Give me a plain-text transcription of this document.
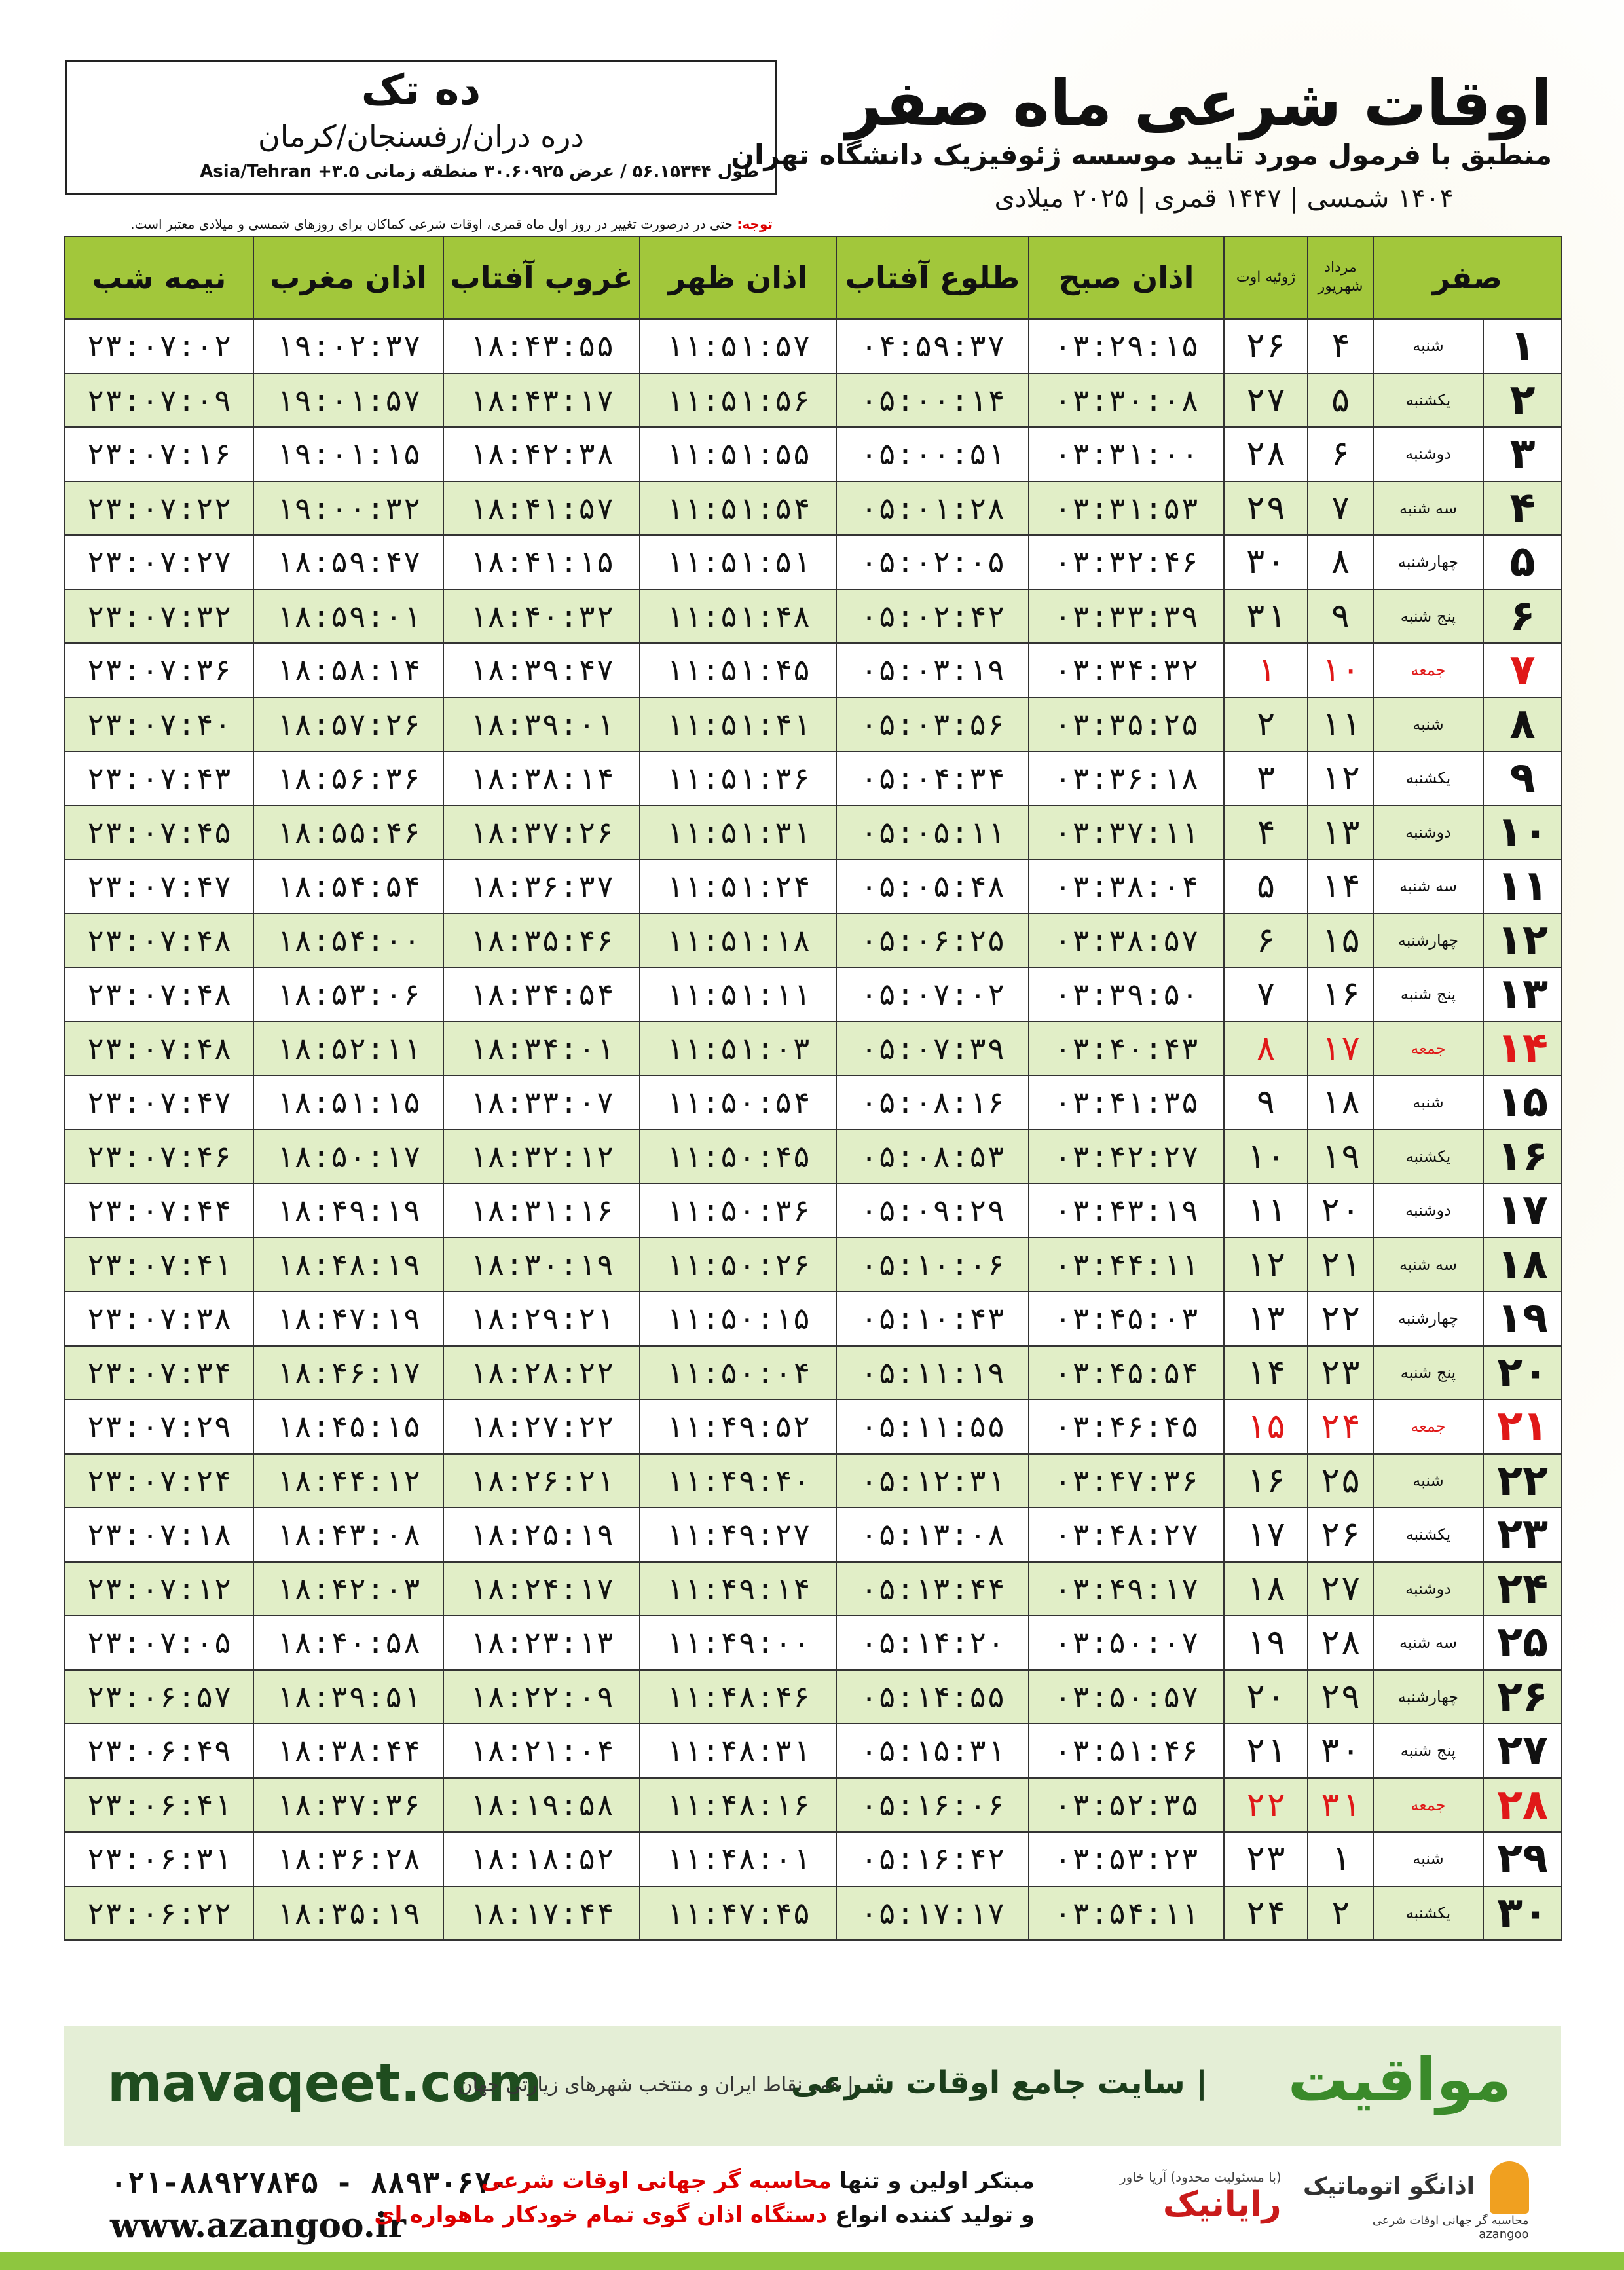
ده تک
دره دران/رفسنجان/کرمان
طول ۵۶.۱۵۳۴۴ / عرض ۳۰.۶۰۹۲۵ منطقه زمانی ۳.۵+ Asia/Tehran
اوقات شرعی ماه صفر
منطبق با فرمول مورد تایید موسسه ژئوفیزیک دانشگاه تهران
۱۴۰۴ شمسی | ۱۴۴۷ قمری | ۲۰۲۵ میلادی
توجه: حتی در درصورت تغییر در روز اول ماه قمری، اوقات شرعی کماکان برای روزهای شمسی و میلادی معتبر است.
نیمه شب	اذان مغرب	غروب آفتاب	اذان ظهر	طلوع آفتاب	اذان صبح	ژوئیه اوت	مرداد شهریور	صفر	
۲۳:۰۷:۰۲	۱۹:۰۲:۳۷	۱۸:۴۳:۵۵	۱۱:۵۱:۵۷	۰۴:۵۹:۳۷	۰۳:۲۹:۱۵	۲۶	۴	شنبه	۱
۲۳:۰۷:۰۹	۱۹:۰۱:۵۷	۱۸:۴۳:۱۷	۱۱:۵۱:۵۶	۰۵:۰۰:۱۴	۰۳:۳۰:۰۸	۲۷	۵	یکشنبه	۲
۲۳:۰۷:۱۶	۱۹:۰۱:۱۵	۱۸:۴۲:۳۸	۱۱:۵۱:۵۵	۰۵:۰۰:۵۱	۰۳:۳۱:۰۰	۲۸	۶	دوشنبه	۳
۲۳:۰۷:۲۲	۱۹:۰۰:۳۲	۱۸:۴۱:۵۷	۱۱:۵۱:۵۴	۰۵:۰۱:۲۸	۰۳:۳۱:۵۳	۲۹	۷	سه شنبه	۴
۲۳:۰۷:۲۷	۱۸:۵۹:۴۷	۱۸:۴۱:۱۵	۱۱:۵۱:۵۱	۰۵:۰۲:۰۵	۰۳:۳۲:۴۶	۳۰	۸	چهارشنبه	۵
۲۳:۰۷:۳۲	۱۸:۵۹:۰۱	۱۸:۴۰:۳۲	۱۱:۵۱:۴۸	۰۵:۰۲:۴۲	۰۳:۳۳:۳۹	۳۱	۹	پنج شنبه	۶
۲۳:۰۷:۳۶	۱۸:۵۸:۱۴	۱۸:۳۹:۴۷	۱۱:۵۱:۴۵	۰۵:۰۳:۱۹	۰۳:۳۴:۳۲	۱	۱۰	جمعه	۷
۲۳:۰۷:۴۰	۱۸:۵۷:۲۶	۱۸:۳۹:۰۱	۱۱:۵۱:۴۱	۰۵:۰۳:۵۶	۰۳:۳۵:۲۵	۲	۱۱	شنبه	۸
۲۳:۰۷:۴۳	۱۸:۵۶:۳۶	۱۸:۳۸:۱۴	۱۱:۵۱:۳۶	۰۵:۰۴:۳۴	۰۳:۳۶:۱۸	۳	۱۲	یکشنبه	۹
۲۳:۰۷:۴۵	۱۸:۵۵:۴۶	۱۸:۳۷:۲۶	۱۱:۵۱:۳۱	۰۵:۰۵:۱۱	۰۳:۳۷:۱۱	۴	۱۳	دوشنبه	۱۰
۲۳:۰۷:۴۷	۱۸:۵۴:۵۴	۱۸:۳۶:۳۷	۱۱:۵۱:۲۴	۰۵:۰۵:۴۸	۰۳:۳۸:۰۴	۵	۱۴	سه شنبه	۱۱
۲۳:۰۷:۴۸	۱۸:۵۴:۰۰	۱۸:۳۵:۴۶	۱۱:۵۱:۱۸	۰۵:۰۶:۲۵	۰۳:۳۸:۵۷	۶	۱۵	چهارشنبه	۱۲
۲۳:۰۷:۴۸	۱۸:۵۳:۰۶	۱۸:۳۴:۵۴	۱۱:۵۱:۱۱	۰۵:۰۷:۰۲	۰۳:۳۹:۵۰	۷	۱۶	پنج شنبه	۱۳
۲۳:۰۷:۴۸	۱۸:۵۲:۱۱	۱۸:۳۴:۰۱	۱۱:۵۱:۰۳	۰۵:۰۷:۳۹	۰۳:۴۰:۴۳	۸	۱۷	جمعه	۱۴
۲۳:۰۷:۴۷	۱۸:۵۱:۱۵	۱۸:۳۳:۰۷	۱۱:۵۰:۵۴	۰۵:۰۸:۱۶	۰۳:۴۱:۳۵	۹	۱۸	شنبه	۱۵
۲۳:۰۷:۴۶	۱۸:۵۰:۱۷	۱۸:۳۲:۱۲	۱۱:۵۰:۴۵	۰۵:۰۸:۵۳	۰۳:۴۲:۲۷	۱۰	۱۹	یکشنبه	۱۶
۲۳:۰۷:۴۴	۱۸:۴۹:۱۹	۱۸:۳۱:۱۶	۱۱:۵۰:۳۶	۰۵:۰۹:۲۹	۰۳:۴۳:۱۹	۱۱	۲۰	دوشنبه	۱۷
۲۳:۰۷:۴۱	۱۸:۴۸:۱۹	۱۸:۳۰:۱۹	۱۱:۵۰:۲۶	۰۵:۱۰:۰۶	۰۳:۴۴:۱۱	۱۲	۲۱	سه شنبه	۱۸
۲۳:۰۷:۳۸	۱۸:۴۷:۱۹	۱۸:۲۹:۲۱	۱۱:۵۰:۱۵	۰۵:۱۰:۴۳	۰۳:۴۵:۰۳	۱۳	۲۲	چهارشنبه	۱۹
۲۳:۰۷:۳۴	۱۸:۴۶:۱۷	۱۸:۲۸:۲۲	۱۱:۵۰:۰۴	۰۵:۱۱:۱۹	۰۳:۴۵:۵۴	۱۴	۲۳	پنج شنبه	۲۰
۲۳:۰۷:۲۹	۱۸:۴۵:۱۵	۱۸:۲۷:۲۲	۱۱:۴۹:۵۲	۰۵:۱۱:۵۵	۰۳:۴۶:۴۵	۱۵	۲۴	جمعه	۲۱
۲۳:۰۷:۲۴	۱۸:۴۴:۱۲	۱۸:۲۶:۲۱	۱۱:۴۹:۴۰	۰۵:۱۲:۳۱	۰۳:۴۷:۳۶	۱۶	۲۵	شنبه	۲۲
۲۳:۰۷:۱۸	۱۸:۴۳:۰۸	۱۸:۲۵:۱۹	۱۱:۴۹:۲۷	۰۵:۱۳:۰۸	۰۳:۴۸:۲۷	۱۷	۲۶	یکشنبه	۲۳
۲۳:۰۷:۱۲	۱۸:۴۲:۰۳	۱۸:۲۴:۱۷	۱۱:۴۹:۱۴	۰۵:۱۳:۴۴	۰۳:۴۹:۱۷	۱۸	۲۷	دوشنبه	۲۴
۲۳:۰۷:۰۵	۱۸:۴۰:۵۸	۱۸:۲۳:۱۳	۱۱:۴۹:۰۰	۰۵:۱۴:۲۰	۰۳:۵۰:۰۷	۱۹	۲۸	سه شنبه	۲۵
۲۳:۰۶:۵۷	۱۸:۳۹:۵۱	۱۸:۲۲:۰۹	۱۱:۴۸:۴۶	۰۵:۱۴:۵۵	۰۳:۵۰:۵۷	۲۰	۲۹	چهارشنبه	۲۶
۲۳:۰۶:۴۹	۱۸:۳۸:۴۴	۱۸:۲۱:۰۴	۱۱:۴۸:۳۱	۰۵:۱۵:۳۱	۰۳:۵۱:۴۶	۲۱	۳۰	پنج شنبه	۲۷
۲۳:۰۶:۴۱	۱۸:۳۷:۳۶	۱۸:۱۹:۵۸	۱۱:۴۸:۱۶	۰۵:۱۶:۰۶	۰۳:۵۲:۳۵	۲۲	۳۱	جمعه	۲۸
۲۳:۰۶:۳۱	۱۸:۳۶:۲۸	۱۸:۱۸:۵۲	۱۱:۴۸:۰۱	۰۵:۱۶:۴۲	۰۳:۵۳:۲۳	۲۳	۱	شنبه	۲۹
۲۳:۰۶:۲۲	۱۸:۳۵:۱۹	۱۸:۱۷:۴۴	۱۱:۴۷:۴۵	۰۵:۱۷:۱۷	۰۳:۵۴:۱۱	۲۴	۲	یکشنبه	۳۰
mavaqeet.com
| همه نقاط ایران و منتخب شهرهای زیارتی جهان
| سایت جامع اوقات شرعی مواقیت
۰۲۱-۸۸۹۲۷۸۴۵ - ۸۸۹۳۰۶۷۰
www.azangoo.ir
مبتکر اولین و تنها محاسبه گر جهانی اوقات شرعی
و تولید کننده انواع دستگاه اذان گوی تمام خودکار ماهواره ای
(با مسئولیت محدود) آریا خاور
رایانیک اذانگو اتوماتیک
محاسبه گر جهانی اوقات شرعی
azangoo
